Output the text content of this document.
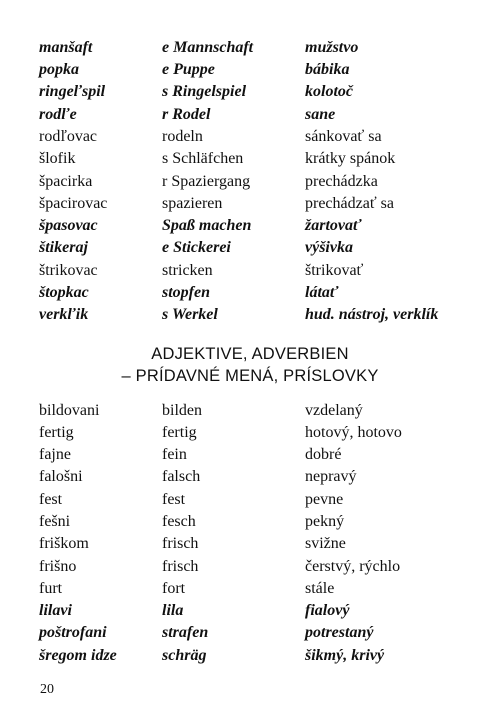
manšaft	e Mannschaft	mužstvo
popka	e Puppe	bábika
ringeľspil	s Ringelspiel	kolotoč
rodľe	r Rodel	sane
rodľovac	rodeln	sánkovať sa
šlofik	s Schläfchen	krátky spánok
špacirka	r Spaziergang	prechádzka
špacirovac	spazieren	prechádzať sa
špasovac	Spaß machen	žartovať
štikeraj	e Stickerei	výšivka
štrikovac	stricken	štrikovať
štopkac	stopfen	látať
verkľik	s Werkel	hud. nástroj, verklík
ADJEKTIVE, ADVERBIEN
– PRÍDAVNÉ MENÁ, PRÍSLOVKY
bildovani	bilden	vzdelaný
fertig	fertig	hotový, hotovo
fajne	fein	dobré
falošni	falsch	nepravý
fest	fest	pevne
fešni	fesch	pekný
friškom	frisch	svižne
frišno	frisch	čerstvý, rýchlo
furt	fort	stále
lilavi	lila	fialový
poštrofani	strafen	potrestaný
šregom idze	schräg	šikmý, krivý
20
